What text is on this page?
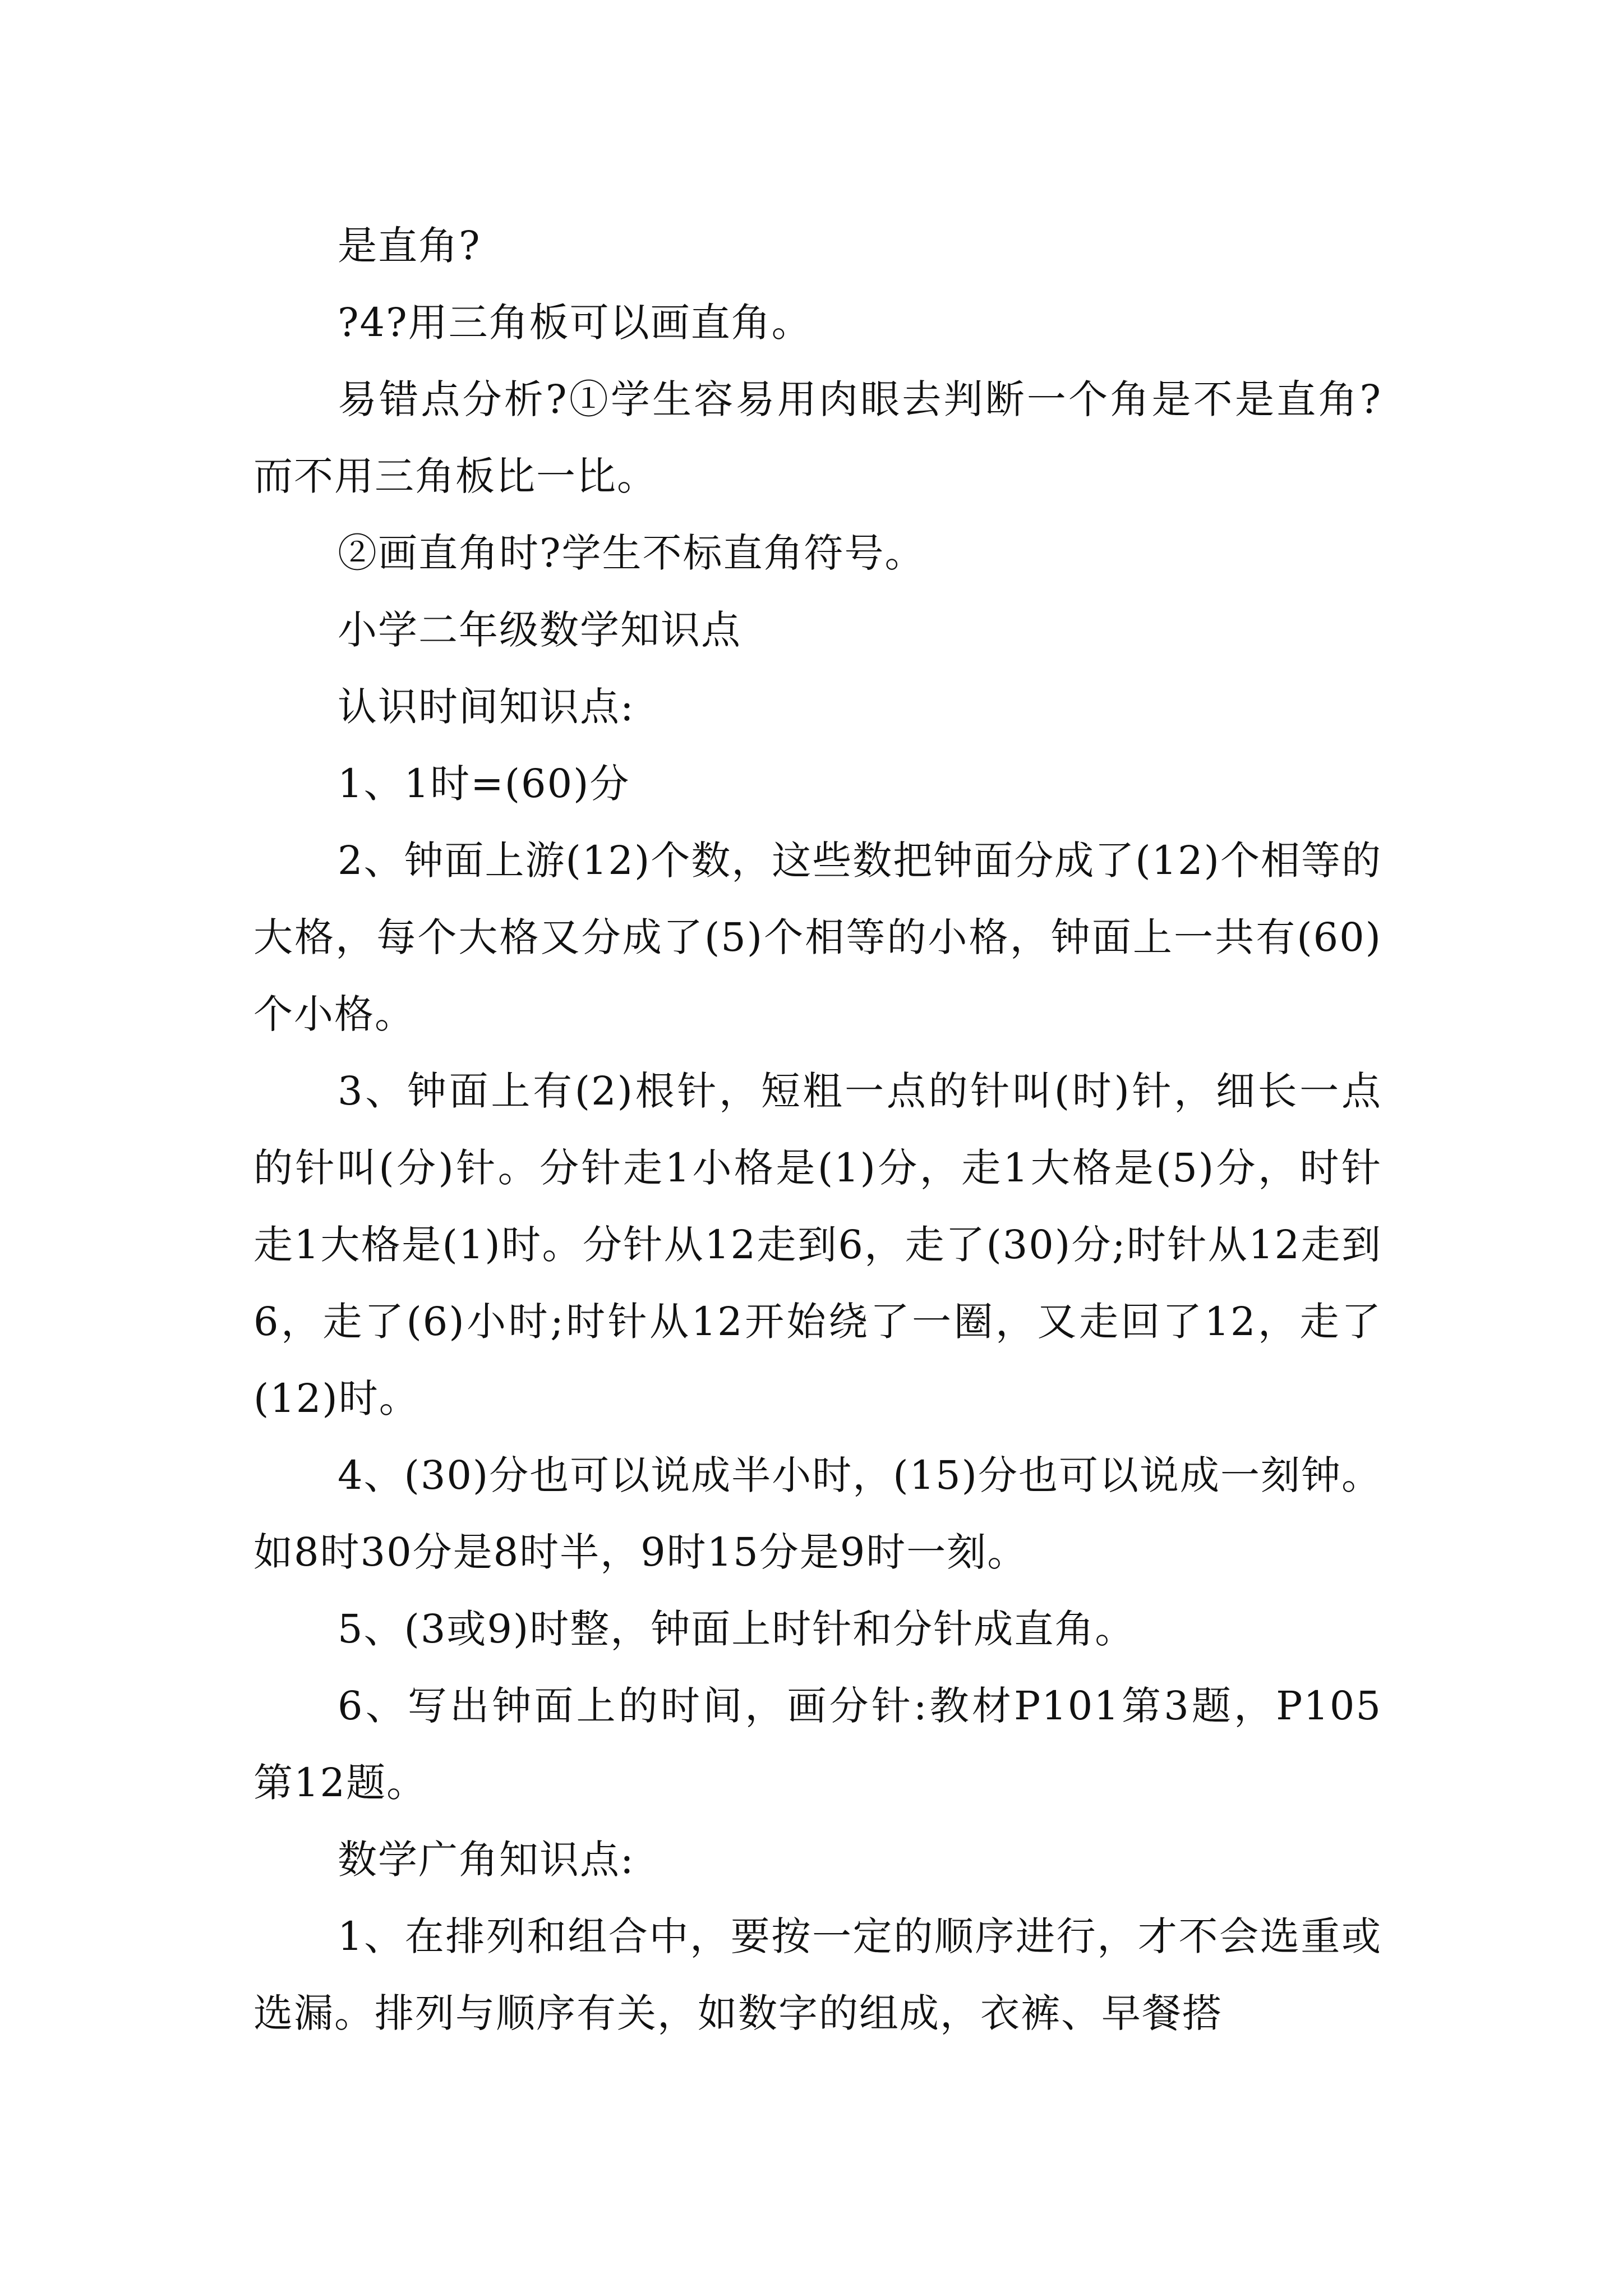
是直角?

?4?用三角板可以画直角。

易错点分析?①学生容易用肉眼去判断一个角是不是直角?而不用三角板比一比。

②画直角时?学生不标直角符号。

小学二年级数学知识点

认识时间知识点:

1、1时=(60)分

2、钟面上游(12)个数，这些数把钟面分成了(12)个相等的大格，每个大格又分成了(5)个相等的小格，钟面上一共有(60)个小格。

3、钟面上有(2)根针，短粗一点的针叫(时)针，细长一点的针叫(分)针。分针走1小格是(1)分，走1大格是(5)分，时针走1大格是(1)时。分针从12走到6，走了(30)分;时针从12走到6，走了(6)小时;时针从12开始绕了一圈，又走回了12，走了(12)时。

4、(30)分也可以说成半小时，(15)分也可以说成一刻钟。如8时30分是8时半，9时15分是9时一刻。

5、(3或9)时整，钟面上时针和分针成直角。

6、写出钟面上的时间，画分针:教材P101第3题，P105第12题。

数学广角知识点:

1、在排列和组合中，要按一定的顺序进行，才不会选重或选漏。排列与顺序有关，如数字的组成，衣裤、早餐搭
